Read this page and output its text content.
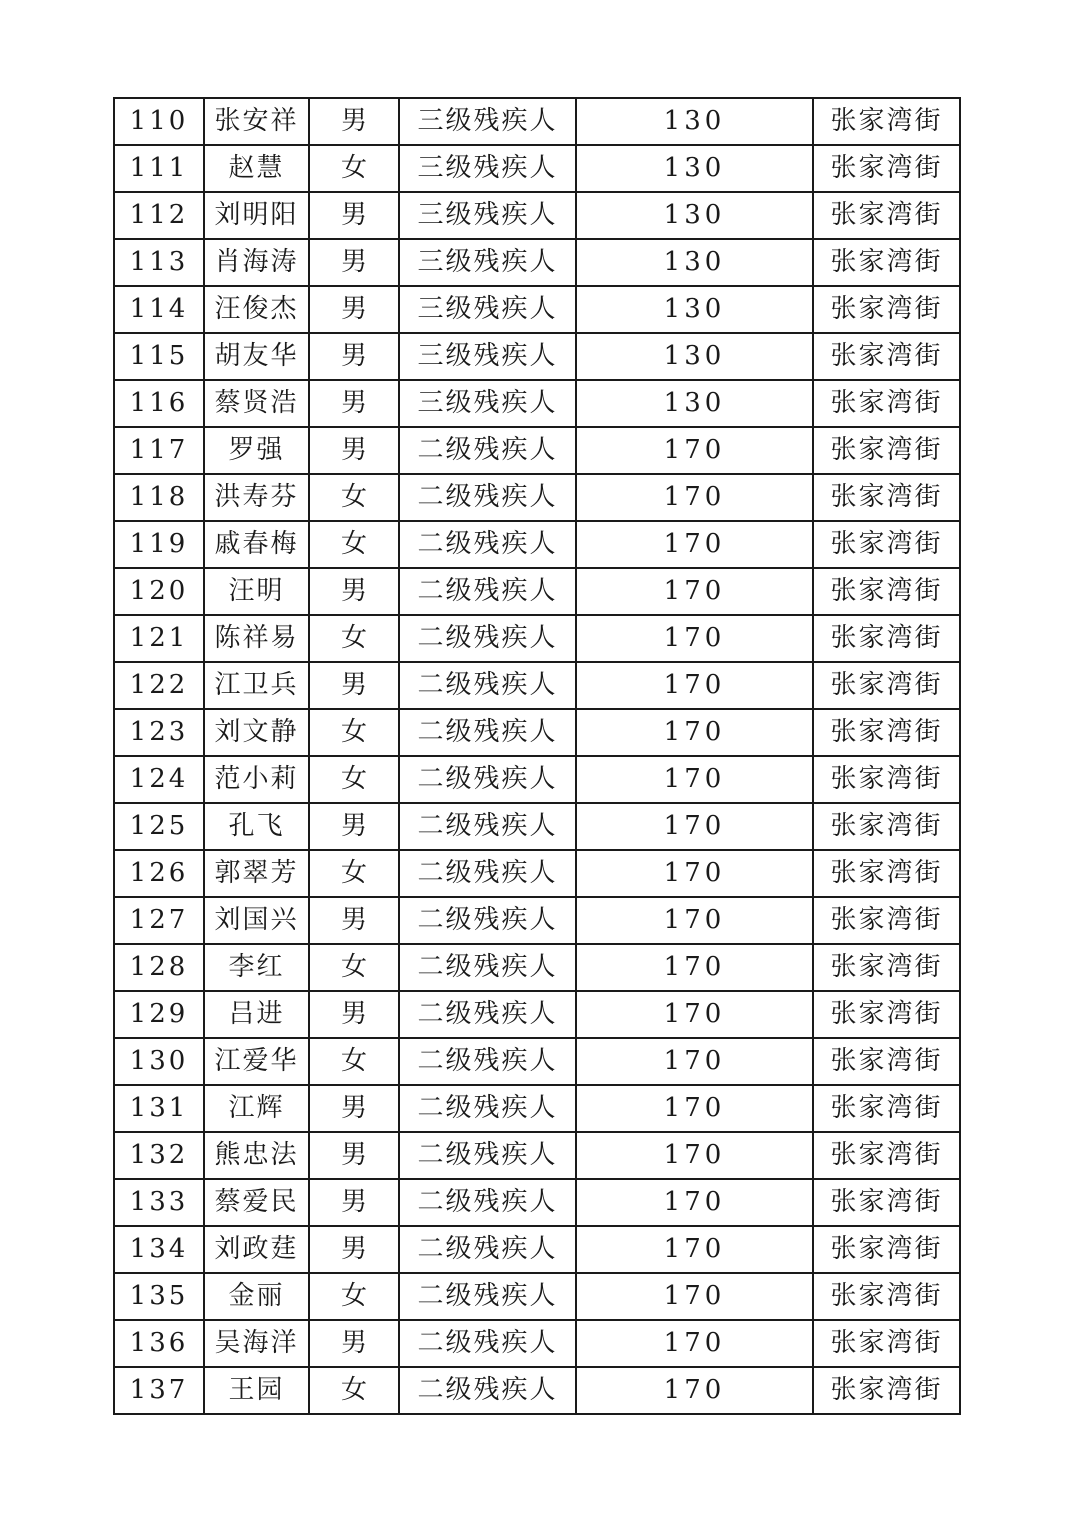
110	张安祥	男	三级残疾人	130	张家湾街
111	赵慧	女	三级残疾人	130	张家湾街
112	刘明阳	男	三级残疾人	130	张家湾街
113	肖海涛	男	三级残疾人	130	张家湾街
114	汪俊杰	男	三级残疾人	130	张家湾街
115	胡友华	男	三级残疾人	130	张家湾街
116	蔡贤浩	男	三级残疾人	130	张家湾街
117	罗强	男	二级残疾人	170	张家湾街
118	洪寿芬	女	二级残疾人	170	张家湾街
119	戚春梅	女	二级残疾人	170	张家湾街
120	汪明	男	二级残疾人	170	张家湾街
121	陈祥易	女	二级残疾人	170	张家湾街
122	江卫兵	男	二级残疾人	170	张家湾街
123	刘文静	女	二级残疾人	170	张家湾街
124	范小莉	女	二级残疾人	170	张家湾街
125	孔飞	男	二级残疾人	170	张家湾街
126	郭翠芳	女	二级残疾人	170	张家湾街
127	刘国兴	男	二级残疾人	170	张家湾街
128	李红	女	二级残疾人	170	张家湾街
129	吕进	男	二级残疾人	170	张家湾街
130	江爱华	女	二级残疾人	170	张家湾街
131	江辉	男	二级残疾人	170	张家湾街
132	熊忠法	男	二级残疾人	170	张家湾街
133	蔡爱民	男	二级残疾人	170	张家湾街
134	刘政莛	男	二级残疾人	170	张家湾街
135	金丽	女	二级残疾人	170	张家湾街
136	吴海洋	男	二级残疾人	170	张家湾街
137	王园	女	二级残疾人	170	张家湾街
